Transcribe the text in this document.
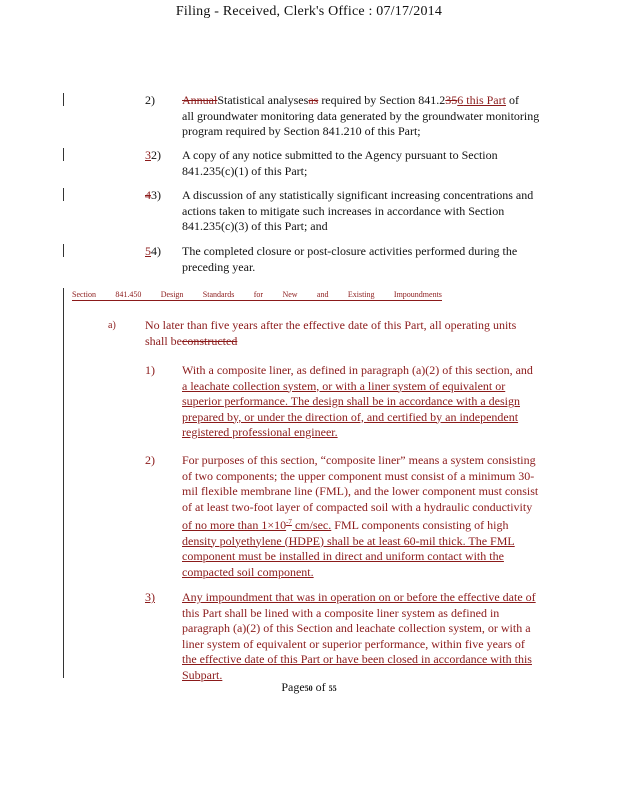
Filing - Received, Clerk's Office : 07/17/2014
2) AnnualStatistical analysesas required by Section 841.2356 this Part of
all groundwater monitoring data generated by the groundwater monitoring
program required by Section 841.210 of this Part;
32) A copy of any notice submitted to the Agency pursuant to Section
841.235(c)(1) of this Part;
43) A discussion of any statistically significant increasing concentrations and
actions taken to mitigate such increases in accordance with Section
841.235(c)(3) of this Part; and
54) The completed closure or post-closure activities performed during the
preceding year.
Section 841.450 Design Standards for New and Existing Impoundments
a) No later than five years after the effective date of this Part, all operating units
shall beconstructed
1) With a composite liner, as defined in paragraph (a)(2) of this section, and
a leachate collection system, or with a liner system of equivalent or
superior performance. The design shall be in accordance with a design
prepared by, or under the direction of, and certified by an independent
registered professional engineer.
2) For purposes of this section, “composite liner” means a system consisting
of two components; the upper component must consist of a minimum 30-
mil flexible membrane line (FML), and the lower component must consist
of at least two-foot layer of compacted soil with a hydraulic conductivity
of no more than $1\times 10^{-7}$ cm/sec. FML components consisting of high
density polyethylene (HDPE) shall be at least 60-mil thick. The FML
component must be installed in direct and uniform contact with the
compacted soil component.
3) Any impoundment that was in operation on or before the effective date of
this Part shall be lined with a composite liner system as defined in
paragraph (a)(2) of this Section and leachate collection system, or with a
liner system of equivalent or superior performance, within five years of
the effective date of this Part or have been closed in accordance with this
Subpart.
Page50 of 55
